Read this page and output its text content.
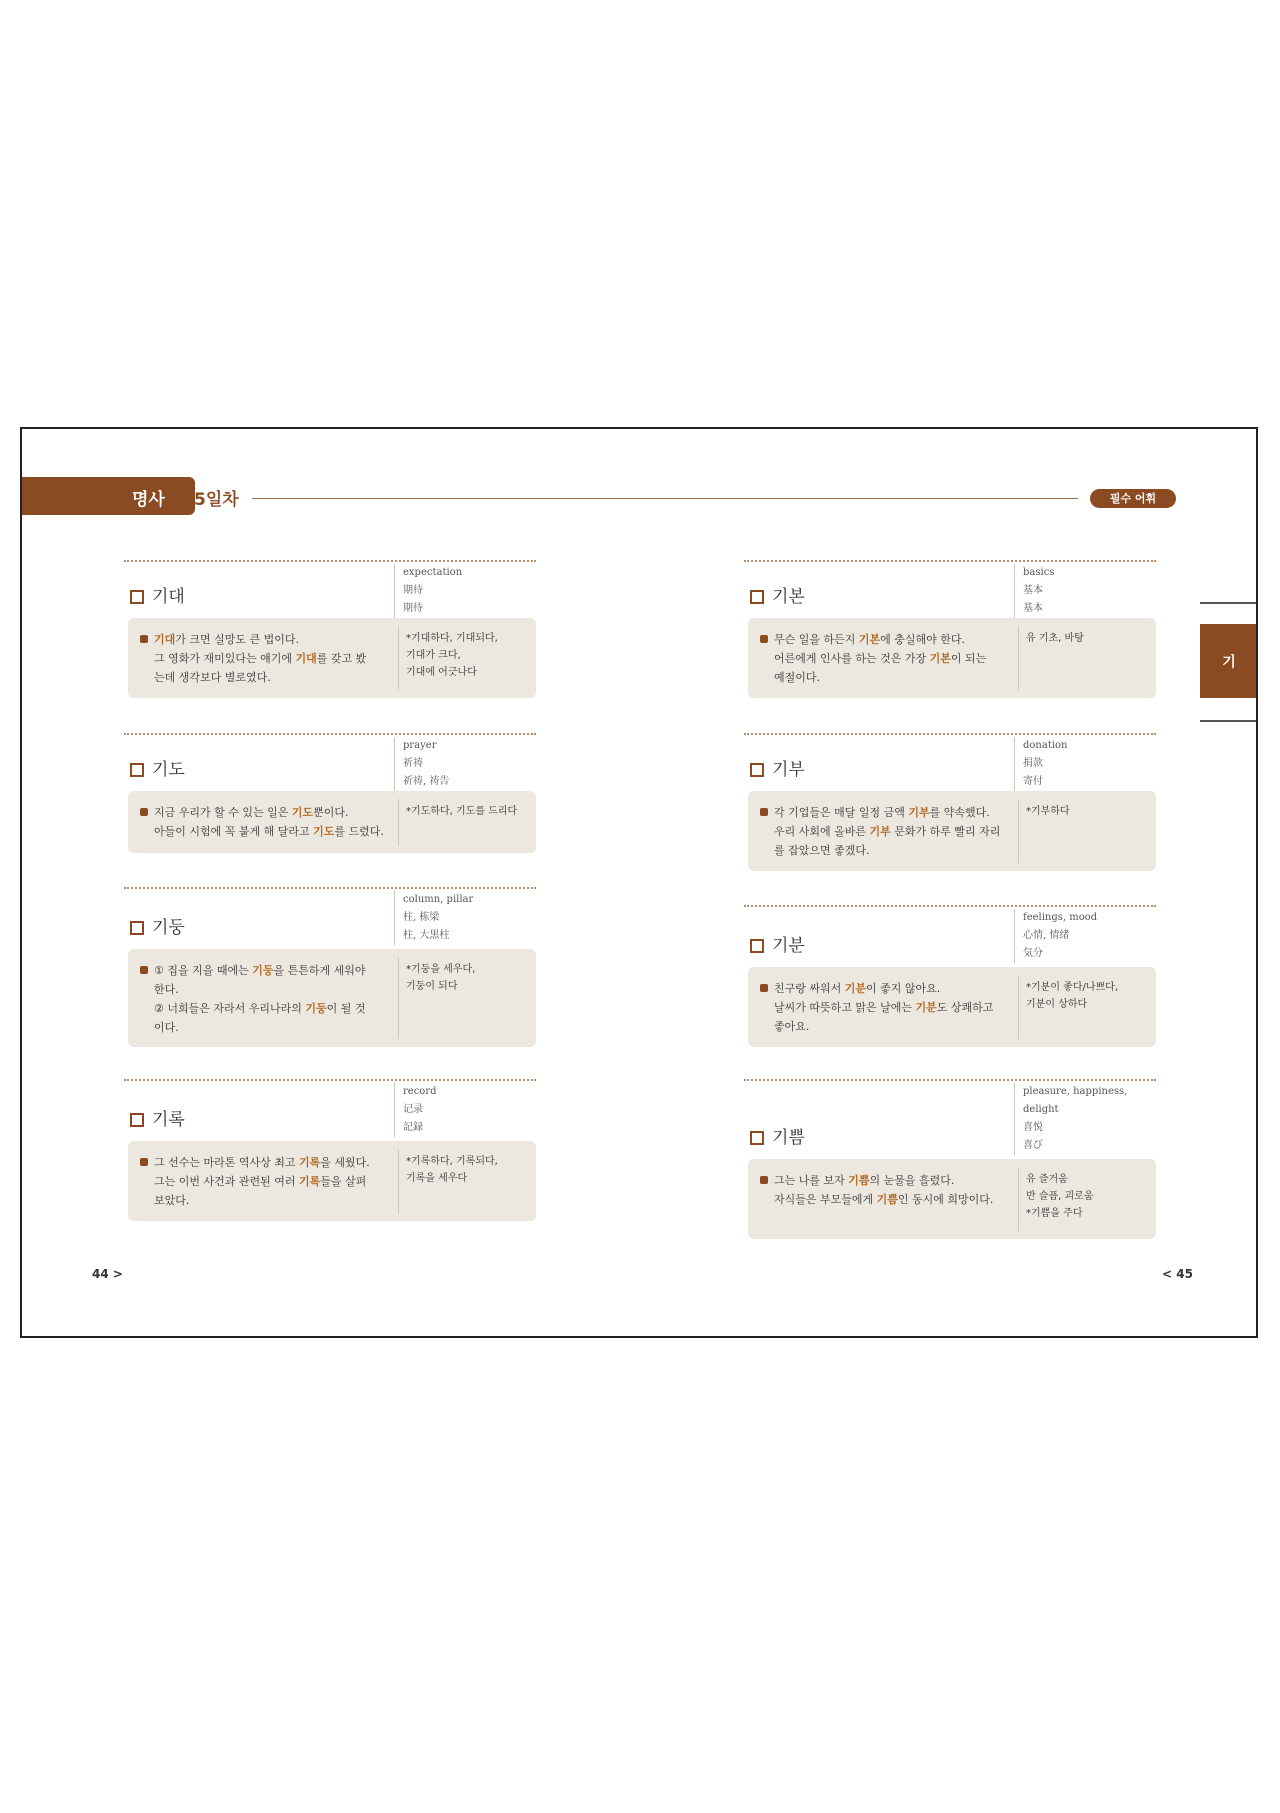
명사 5일차	필수 어휘
기
44 >	< 45
기대
expectation
期待
期待
기대가 크면 실망도 큰 법이다.
그 영화가 재미있다는 얘기에 기대를 갖고 봤
는데 생각보다 별로였다.
*기대하다, 기대되다,
기대가 크다,
기대에 어긋나다
기도
prayer
祈祷
祈祷, 祷告
지금 우리가 할 수 있는 일은 기도뿐이다.
아들이 시험에 꼭 붙게 해 달라고 기도를 드렸다.
*기도하다, 기도를 드리다
기둥
column, pillar
柱, 栋梁
柱, 大黒柱
① 집을 지을 때에는 기둥을 튼튼하게 세워야
한다.
② 너희들은 자라서 우리나라의 기둥이 될 것
이다.
*기둥을 세우다,
기둥이 되다
기록
record
记录
記録
그 선수는 마라톤 역사상 최고 기록을 세웠다.
그는 이번 사건과 관련된 여러 기록들을 살펴
보았다.
*기록하다, 기록되다,
기록을 세우다
기본
basics
基本
基本
무슨 일을 하든지 기본에 충실해야 한다.
어른에게 인사를 하는 것은 가장 기본이 되는
예절이다.
유 기초, 바탕
기부
donation
捐款
寄付
각 기업들은 매달 일정 금액 기부를 약속했다.
우리 사회에 올바른 기부 문화가 하루 빨리 자리
를 잡았으면 좋겠다.
*기부하다
기분
feelings, mood
心情, 情绪
気分
친구랑 싸워서 기분이 좋지 않아요.
날씨가 따뜻하고 맑은 날에는 기분도 상쾌하고
좋아요.
*기분이 좋다/나쁘다,
기분이 상하다
기쁨
pleasure, happiness,
delight
喜悦
喜び
그는 나를 보자 기쁨의 눈물을 흘렸다.
자식들은 부모들에게 기쁨인 동시에 희망이다.
유 즐거움
반 슬픔, 괴로움
*기쁨을 주다
